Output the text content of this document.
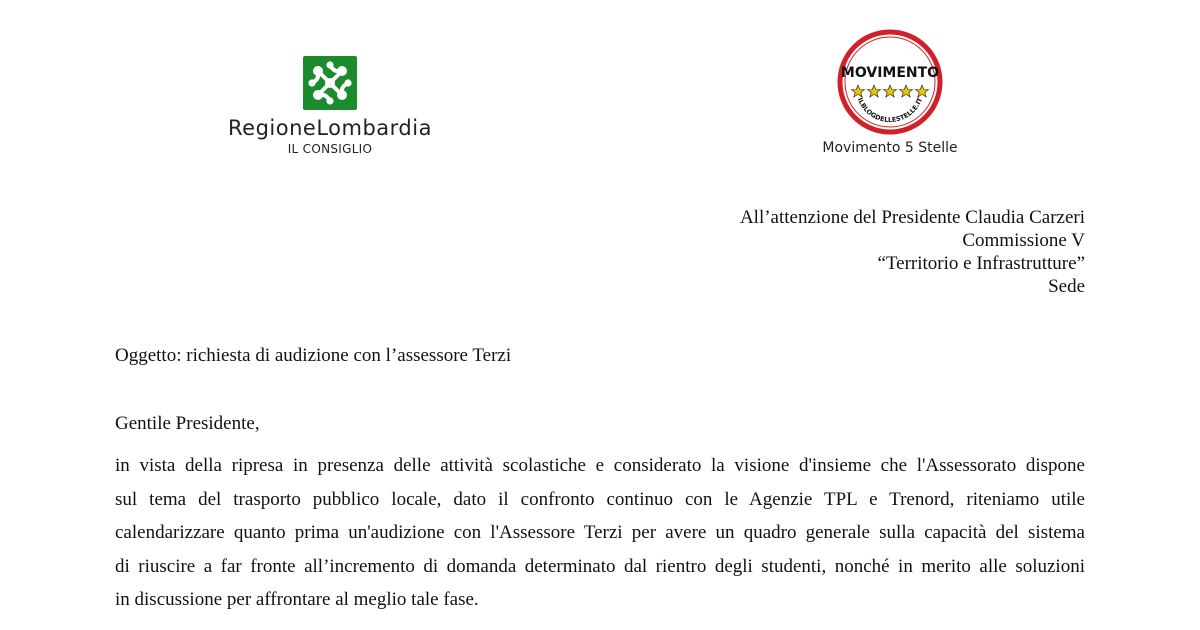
RegioneLombardia
IL CONSIGLIO
MOVIMENTO
ILBLOGDELLESTELLE.IT
Movimento 5 Stelle
All’attenzione del Presidente Claudia Carzeri
Commissione V
“Territorio e Infrastrutture”
Sede
Oggetto: richiesta di audizione con l’assessore Terzi
Gentile Presidente,
in vista della ripresa in presenza delle attività scolastiche e considerato la visione d'insieme che l'Assessorato dispone
sul tema del trasporto pubblico locale, dato il confronto continuo con le Agenzie TPL e Trenord, riteniamo utile
calendarizzare quanto prima un'audizione con l'Assessore Terzi per avere un quadro generale sulla capacità del sistema
di riuscire a far fronte all’incremento di domanda determinato dal rientro degli studenti, nonché in merito alle soluzioni
in discussione per affrontare al meglio tale fase.
